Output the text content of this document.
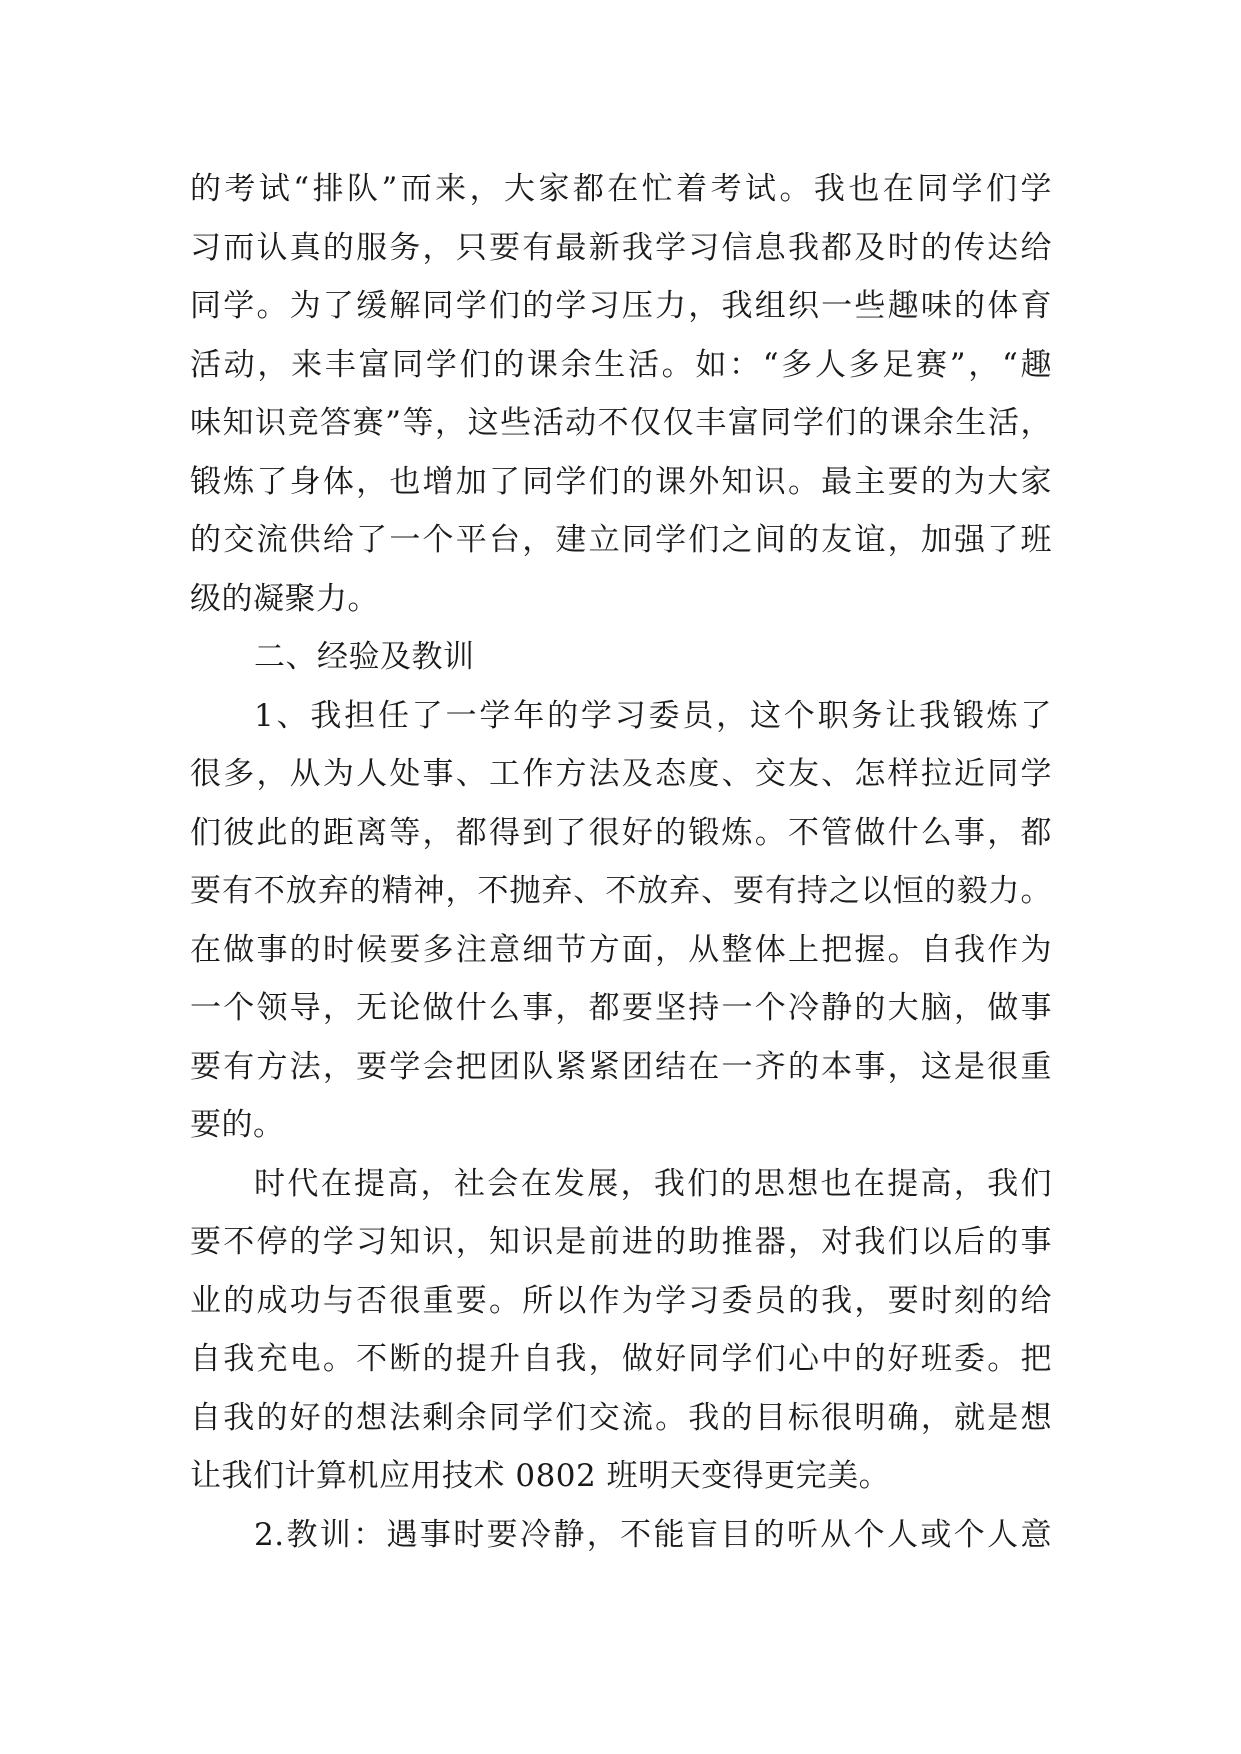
的考试“排队”而来，大家都在忙着考试。我也在同学们学
习而认真的服务，只要有最新我学习信息我都及时的传达给
同学。为了缓解同学们的学习压力，我组织一些趣味的体育
活动，来丰富同学们的课余生活。如：“多人多足赛”，“趣
味知识竞答赛”等，这些活动不仅仅丰富同学们的课余生活，
锻炼了身体，也增加了同学们的课外知识。最主要的为大家
的交流供给了一个平台，建立同学们之间的友谊，加强了班
级的凝聚力。
二、经验及教训
1、我担任了一学年的学习委员，这个职务让我锻炼了
很多，从为人处事、工作方法及态度、交友、怎样拉近同学
们彼此的距离等，都得到了很好的锻炼。不管做什么事，都
要有不放弃的精神，不抛弃、不放弃、要有持之以恒的毅力。
在做事的时候要多注意细节方面，从整体上把握。自我作为
一个领导，无论做什么事，都要坚持一个冷静的大脑，做事
要有方法，要学会把团队紧紧团结在一齐的本事，这是很重
要的。
时代在提高，社会在发展，我们的思想也在提高，我们
要不停的学习知识，知识是前进的助推器，对我们以后的事
业的成功与否很重要。所以作为学习委员的我，要时刻的给
自我充电。不断的提升自我，做好同学们心中的好班委。把
自我的好的想法剩余同学们交流。我的目标很明确，就是想
让我们计算机应用技术 0802 班明天变得更完美。
2.教训：遇事时要冷静，不能盲目的听从个人或个人意
